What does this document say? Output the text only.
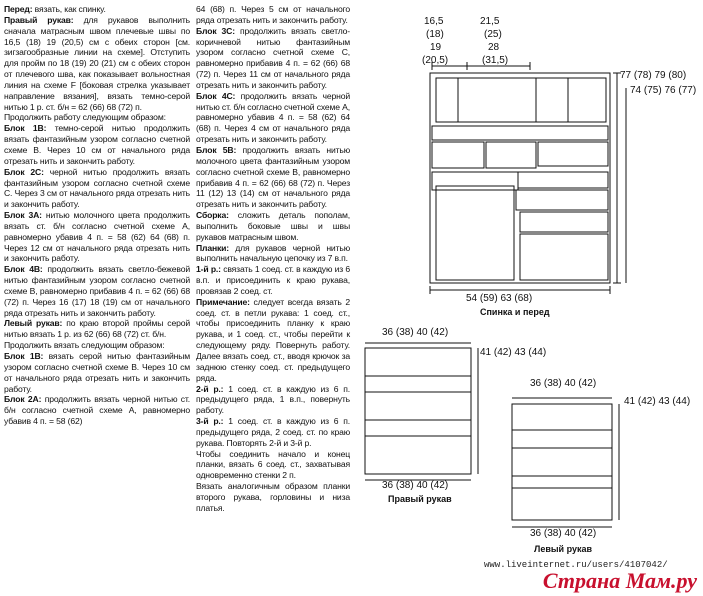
Перед: вязать, как спинку.

Правый рукав: для рукавов выполнить сначала матрасным швом плечевые швы по 16,5 (18) 19 (20,5) см с обеих сторон [см. зигзагообразные линии на схеме]. Отступить для пройм по 18 (19) 20 (21) см с обеих сторон от плечевого шва, как показывает вольностная линия на схеме F [боковая стрелка указывает направление вязания], вязать темно-серой нитью 1 р. ст. б/н = 62 (66) 68 (72) п.

Продолжить работу следующим образом:

Блок 1В: темно-серой нитью продолжить вязать фантазийным узором согласно счетной схеме В. Через 10 см от начального ряда отрезать нить и закончить работу.

Блок 2С: черной нитью продолжить вязать фантазийным узором согласно счетной схеме С. Через 3 см от начального ряда отрезать нить и закончить работу.

Блок 3А: нитью молочного цвета продолжить вязать ст. б/н согласно счетной схеме А, равномерно убавив 4 п. = 58 (62) 64 (68) п. Через 12 см от начального ряда отрезать нить и закончить работу.

Блок 4В: продолжить вязать светло-бежевой нитью фантазийным узором согласно счетной схеме В, равномерно прибавив 4 п. = 62 (66) 68 (72) п. Через 16 (17) 18 (19) см от начального ряда отрезать нить и закончить работу.

Левый рукав: по краю второй проймы серой нитью вязать 1 р. из 62 (66) 68 (72) ст. б/н.

Продолжить вязать следующим образом:

Блок 1В: вязать серой нитью фантазийным узором согласно счетной схеме В. Через 10 см от начального ряда отрезать нить и закончить работу.

Блок 2А: продолжить вязать черной нитью ст. б/н согласно счетной схеме А, равномерно убавив 4 п. = 58 (62)

64 (68) п. Через 5 см от начального ряда отрезать нить и закончить работу.

Блок 3С: продолжить вязать светло-коричневой нитью фантазийным узором согласно счетной схеме С, равномерно прибавив 4 п. = 62 (66) 68 (72) п. Через 11 см от начального ряда отрезать нить и закончить работу.

Блок 4С: продолжить вязать черной нитью ст. б/н согласно счетной схеме А, равномерно убавив 4 п. = 58 (62) 64 (68) п. Через 4 см от начального ряда отрезать нить и закончить работу.

Блок 5В: продолжить вязать нитью молочного цвета фантазийным узором согласно счетной схеме В, равномерно прибавив 4 п. = 62 (66) 68 (72) п. Через 11 (12) 13 (14) см от начального ряда отрезать нить и закончить работу.

Сборка: сложить деталь пополам, выполнить боковые швы и швы рукавов матрасным швом.

Планки: для рукавов черной нитью выполнить начальную цепочку из 7 в.п.

1-й р.: связать 1 соед. ст. в каждую из 6 в.п. и присоединить к краю рукава, провязав 2 соед. ст.

Примечание: следует всегда вязать 2 соед. ст. в петли рукава: 1 соед. ст., чтобы присоединить планку к краю рукава, и 1 соед. ст., чтобы перейти к следующему ряду. Повернуть работу. Далее вязать соед. ст., вводя крючок за заднюю стенку соед. ст. предыдущего ряда.

2-й р.: 1 соед. ст. в каждую из 6 п. предыдущего ряда, 1 в.п., повернуть работу.

3-й р.: 1 соед. ст. в каждую из 6 п. предыдущего ряда, 2 соед. ст. по краю рукава. Повторять 2-й и 3-й р.

Чтобы соединить начало и конец планки, вязать 6 соед. ст., захватывая одновременно стенки 2 п.

Вязать аналогичным образом планки второго рукава, горловины и низа платья.

16,5
(18)
19
(20,5)
21,5
(25)
28
(31,5)
77 (78) 79 (80)
74 (75) 76 (77)
54 (59) 63 (68)
Спинка и перед
36 (38) 40 (42)
41 (42) 43 (44)
36 (38) 40 (42)
Правый рукав
36 (38) 40 (42)
41 (42) 43 (44)
36 (38) 40 (42)
Левый рукав
www.liveinternet.ru/users/4107042/
Страна Мам.ру
